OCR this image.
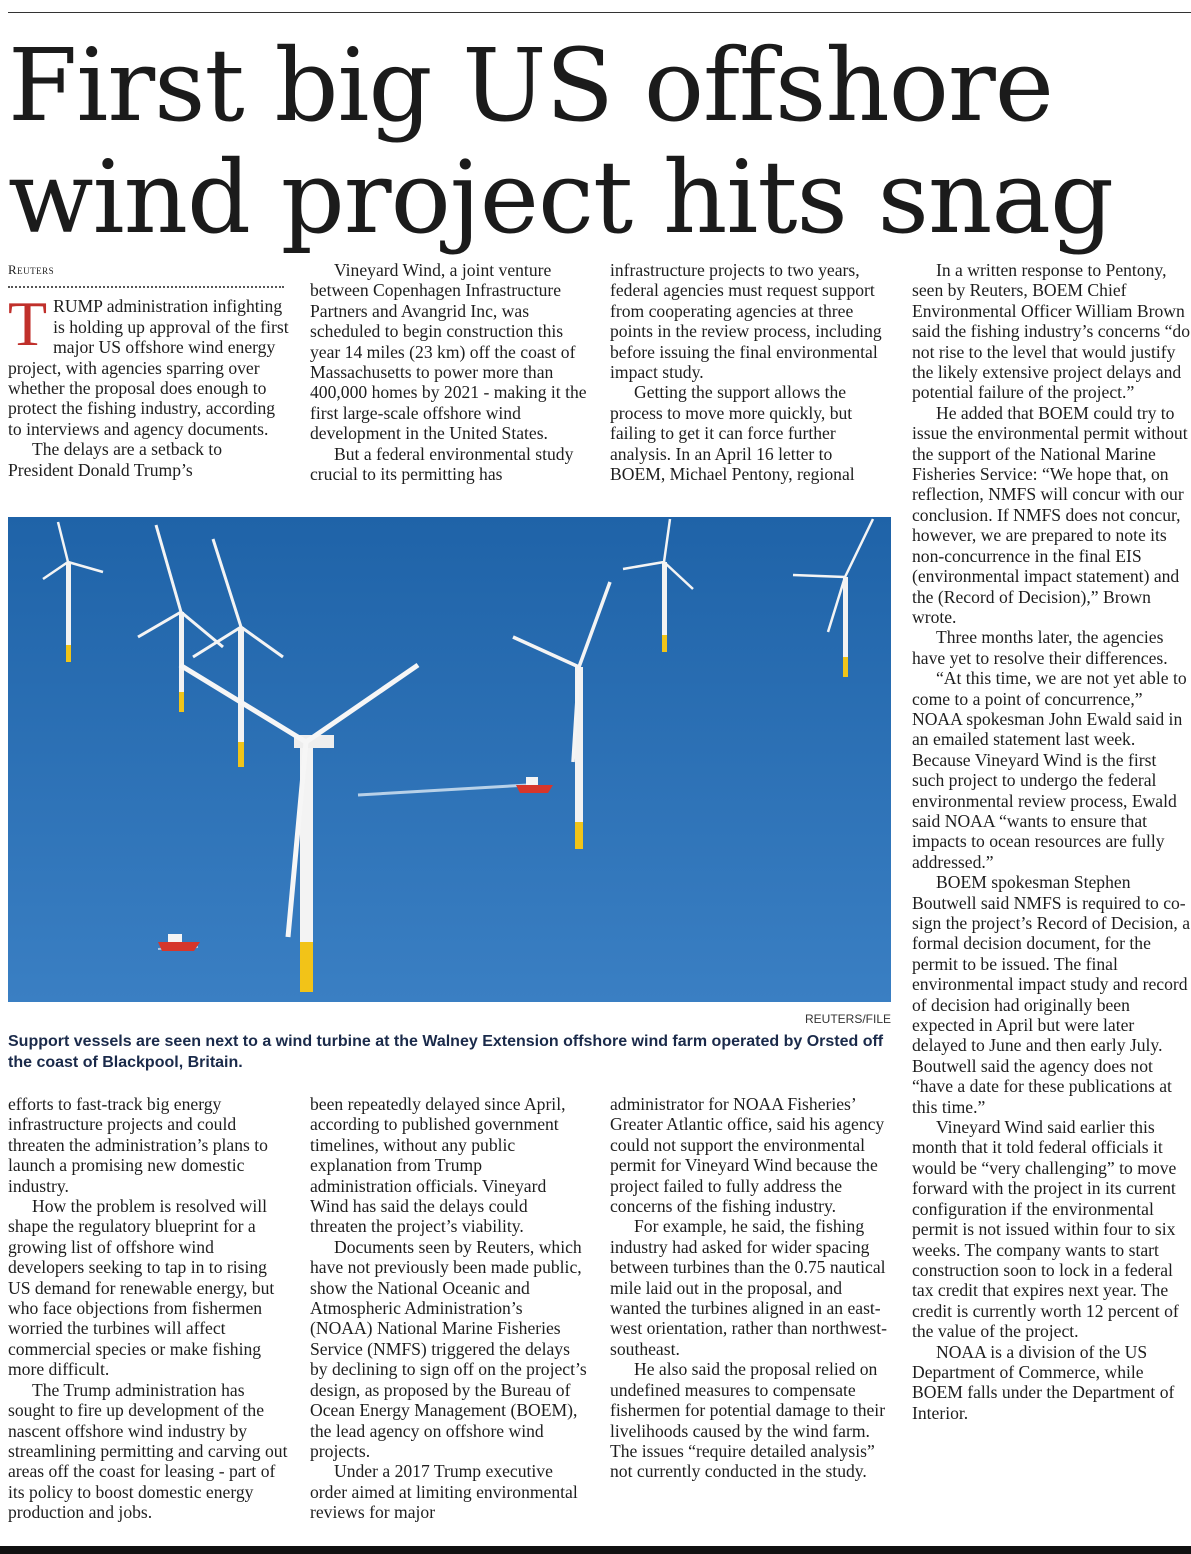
First big US offshore wind project hits snag
Reuters

TRUMP administration infighting is holding up approval of the first major US offshore wind energy project, with agencies sparring over whether the proposal does enough to protect the fishing industry, according to interviews and agency documents.

The delays are a setback to President Donald Trump’s

Vineyard Wind, a joint venture between Copenhagen Infrastructure Partners and Avangrid Inc, was scheduled to begin construction this year 14 miles (23 km) off the coast of Massachusetts to power more than 400,000 homes by 2021 - making it the first large-scale offshore wind development in the United States.

But a federal environmental study crucial to its permitting has

infrastructure projects to two years, federal agencies must request support from cooperating agencies at three points in the review process, including before issuing the final environmental impact study.

Getting the support allows the process to move more quickly, but failing to get it can force further analysis. In an April 16 letter to BOEM, Michael Pentony, regional

In a written response to Pentony, seen by Reuters, BOEM Chief Environmental Officer William Brown said the fishing industry’s concerns “do not rise to the level that would justify the likely extensive project delays and potential failure of the project.”

He added that BOEM could try to issue the environmental permit without the support of the National Marine Fisheries Service: “We hope that, on reflection, NMFS will concur with our conclusion. If NMFS does not concur, however, we are prepared to note its non-concurrence in the final EIS (environmental impact statement) and the (Record of Decision),” Brown wrote.

Three months later, the agencies have yet to resolve their differences.

“At this time, we are not yet able to come to a point of concurrence,” NOAA spokesman John Ewald said in an emailed statement last week. Because Vineyard Wind is the first such project to undergo the federal environmental review process, Ewald said NOAA “wants to ensure that impacts to ocean resources are fully addressed.”

BOEM spokesman Stephen Boutwell said NMFS is required to co-sign the project’s Record of Decision, a formal decision document, for the permit to be issued. The final environmental impact study and record of decision had originally been expected in April but were later delayed to June and then early July. Boutwell said the agency does not “have a date for these publications at this time.”

Vineyard Wind said earlier this month that it told federal officials it would be “very challenging” to move forward with the project in its current configuration if the environmental permit is not issued within four to six weeks. The company wants to start construction soon to lock in a federal tax credit that expires next year. The credit is currently worth 12 percent of the value of the project.

NOAA is a division of the US Department of Commerce, while BOEM falls under the Department of Interior.

REUTERS/FILE

Support vessels are seen next to a wind turbine at the Walney Extension offshore wind farm operated by Orsted off the coast of Blackpool, Britain.

efforts to fast-track big energy infrastructure projects and could threaten the administration’s plans to launch a promising new domestic industry.

How the problem is resolved will shape the regulatory blueprint for a growing list of offshore wind developers seeking to tap in to rising US demand for renewable energy, but who face objections from fishermen worried the turbines will affect commercial species or make fishing more difficult.

The Trump administration has sought to fire up development of the nascent offshore wind industry by streamlining permitting and carving out areas off the coast for leasing - part of its policy to boost domestic energy production and jobs.

been repeatedly delayed since April, according to published government timelines, without any public explanation from Trump administration officials. Vineyard Wind has said the delays could threaten the project’s viability.

Documents seen by Reuters, which have not previously been made public, show the National Oceanic and Atmospheric Administration’s (NOAA) National Marine Fisheries Service (NMFS) triggered the delays by declining to sign off on the project’s design, as proposed by the Bureau of Ocean Energy Management (BOEM), the lead agency on offshore wind projects.

Under a 2017 Trump executive order aimed at limiting environmental reviews for major

administrator for NOAA Fisheries’ Greater Atlantic office, said his agency could not support the environmental permit for Vineyard Wind because the project failed to fully address the concerns of the fishing industry.

For example, he said, the fishing industry had asked for wider spacing between turbines than the 0.75 nautical mile laid out in the proposal, and wanted the turbines aligned in an east-west orientation, rather than northwest-southeast.

He also said the proposal relied on undefined measures to compensate fishermen for potential damage to their livelihoods caused by the wind farm. The issues “require detailed analysis” not currently conducted in the study.
